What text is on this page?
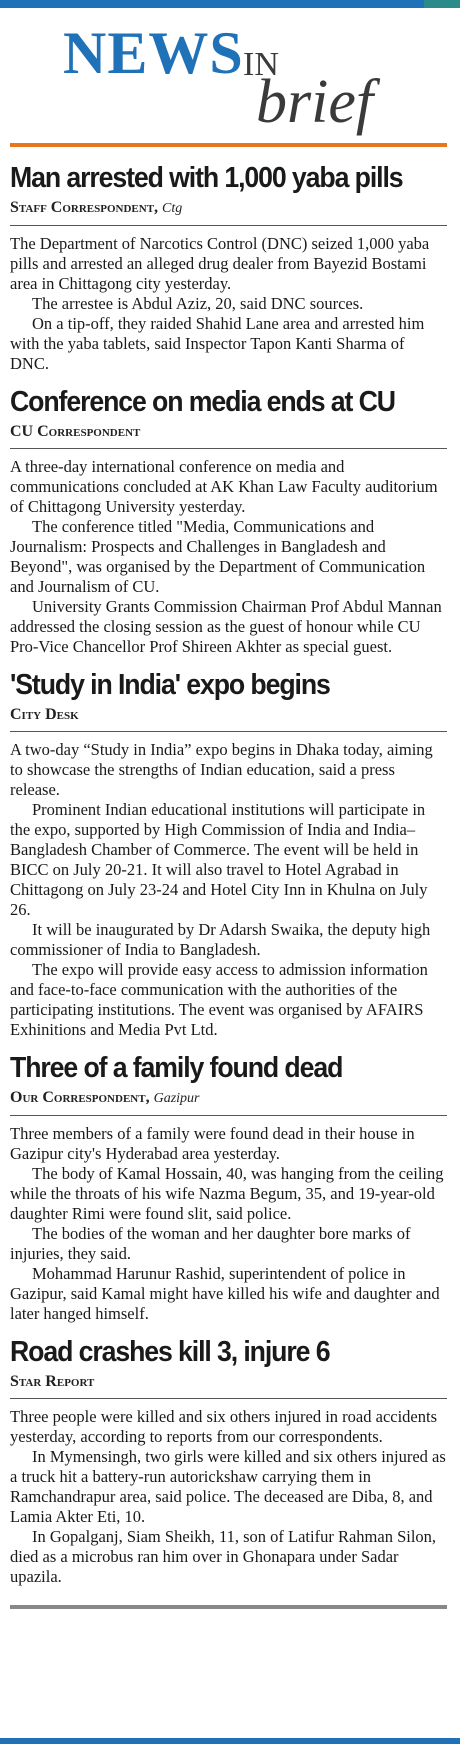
NEWS IN
brief
Man arrested with 1,000 yaba pills
Staff Correspondent, Ctg

The Department of Narcotics Control (DNC) seized 1,000 yaba pills and arrested an alleged drug dealer from Bayezid Bostami area in Chittagong city yesterday.

The arrestee is Abdul Aziz, 20, said DNC sources.

On a tip-off, they raided Shahid Lane area and arrested him with the yaba tablets, said Inspector Tapon Kanti Sharma of DNC.

Conference on media ends at CU
CU Correspondent

A three-day international conference on media and communications concluded at AK Khan Law Faculty auditorium of Chittagong University yesterday.

The conference titled "Media, Communications and Journalism: Prospects and Challenges in Bangladesh and Beyond", was organised by the Department of Communication and Journalism of CU.

University Grants Commission Chairman Prof Abdul Mannan addressed the closing session as the guest of honour while CU Pro-Vice Chancellor Prof Shireen Akhter as special guest.

'Study in India' expo begins
City Desk

A two-day “Study in India” expo begins in Dhaka today, aiming to showcase the strengths of Indian education, said a press release.

Prominent Indian educational institutions will participate in the expo, supported by High Commission of India and India–Bangladesh Chamber of Commerce. The event will be held in BICC on July 20-21. It will also travel to Hotel Agrabad in Chittagong on July 23-24 and Hotel City Inn in Khulna on July 26.

It will be inaugurated by Dr Adarsh Swaika, the deputy high commissioner of India to Bangladesh.

The expo will provide easy access to admission information and face-to-face communication with the authorities of the participating institutions. The event was organised by AFAIRS Exhinitions and Media Pvt Ltd.

Three of a family found dead
Our Correspondent, Gazipur

Three members of a family were found dead in their house in Gazipur city's Hyderabad area yesterday.

The body of Kamal Hossain, 40, was hanging from the ceiling while the throats of his wife Nazma Begum, 35, and 19-year-old daughter Rimi were found slit, said police.

The bodies of the woman and her daughter bore marks of injuries, they said.

Mohammad Harunur Rashid, superintendent of police in Gazipur, said Kamal might have killed his wife and daughter and later hanged himself.

Road crashes kill 3, injure 6
Star Report

Three people were killed and six others injured in road accidents yesterday, according to reports from our correspondents.

In Mymensingh, two girls were killed and six others injured as a truck hit a battery-run autorickshaw carrying them in Ramchandrapur area, said police. The deceased are Diba, 8, and Lamia Akter Eti, 10.

In Gopalganj, Siam Sheikh, 11, son of Latifur Rahman Silon, died as a microbus ran him over in Ghonapara under Sadar upazila.
